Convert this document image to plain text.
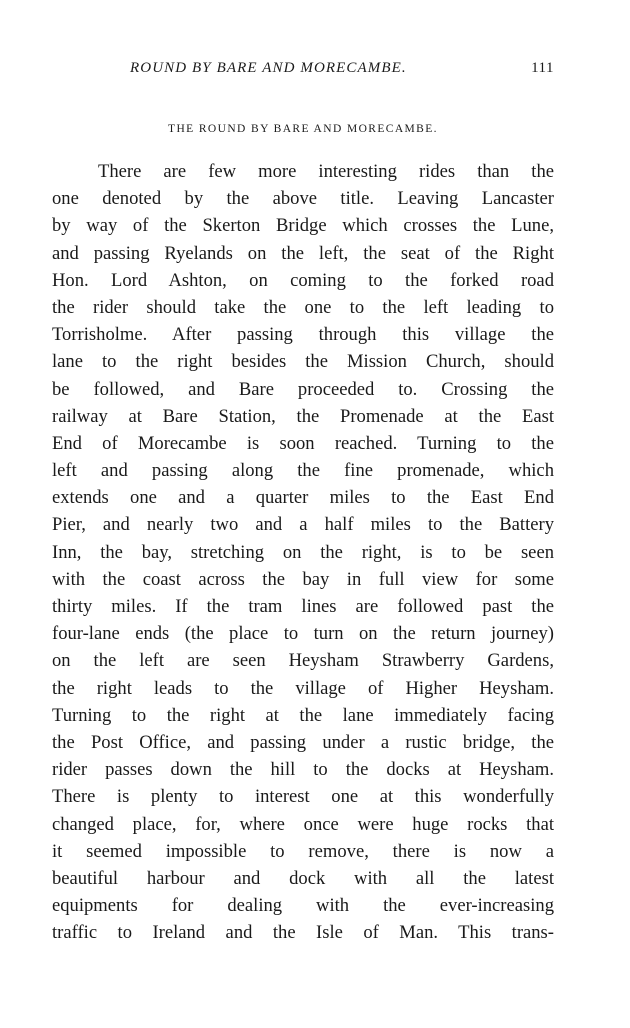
ROUND BY BARE AND MORECAMBE.	111
THE ROUND BY BARE AND MORECAMBE.
There are few more interesting rides than the
one denoted by the above title. Leaving Lancaster
by way of the Skerton Bridge which crosses the Lune,
and passing Ryelands on the left, the seat of the Right
Hon. Lord Ashton, on coming to the forked road
the rider should take the one to the left leading to
Torrisholme. After passing through this village the
lane to the right besides the Mission Church, should
be followed, and Bare proceeded to. Crossing the
railway at Bare Station, the Promenade at the East
End of Morecambe is soon reached. Turning to the
left and passing along the fine promenade, which
extends one and a quarter miles to the East End
Pier, and nearly two and a half miles to the Battery
Inn, the bay, stretching on the right, is to be seen
with the coast across the bay in full view for some
thirty miles. If the tram lines are followed past the
four-lane ends (the place to turn on the return journey)
on the left are seen Heysham Strawberry Gardens,
the right leads to the village of Higher Heysham.
Turning to the right at the lane immediately facing
the Post Office, and passing under a rustic bridge, the
rider passes down the hill to the docks at Heysham.
There is plenty to interest one at this wonderfully
changed place, for, where once were huge rocks that
it seemed impossible to remove, there is now a
beautiful harbour and dock with all the latest
equipments for dealing with the ever-increasing
traffic to Ireland and the Isle of Man. This trans-
